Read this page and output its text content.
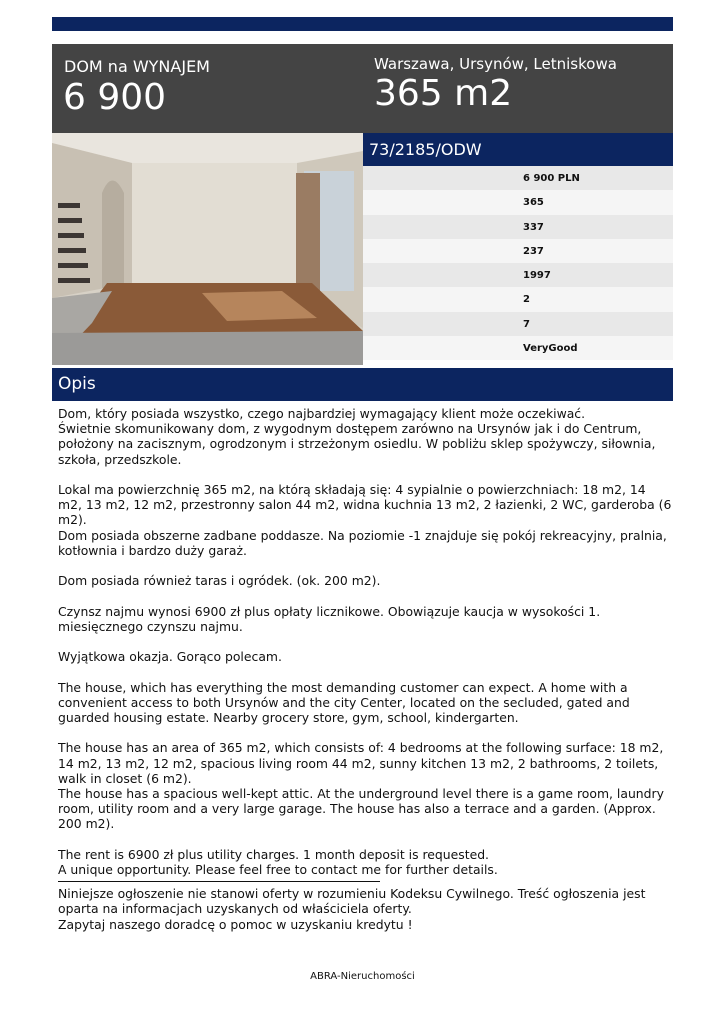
DOM na WYNAJEM
6 900
Warszawa, Ursynów, Letniskowa
365 m2
73/2185/ODW
6 900 PLN
365
337
237
1997
2
7
VeryGood
Opis

Dom, który posiada wszystko, czego najbardziej wymagający klient może oczekiwać.

Świetnie skomunikowany dom, z wygodnym dostępem zarówno na Ursynów jak i do Centrum, położony na zacisznym, ogrodzonym i strzeżonym osiedlu. W pobliżu sklep spożywczy, siłownia, szkoła, przedszkole.

Lokal ma powierzchnię 365 m2, na którą składają się: 4 sypialnie o powierzchniach: 18 m2, 14 m2, 13 m2, 12 m2, przestronny salon 44 m2, widna kuchnia 13 m2, 2 łazienki, 2 WC, garderoba (6 m2).

Dom posiada obszerne zadbane poddasze. Na poziomie -1 znajduje się pokój rekreacyjny, pralnia, kotłownia i bardzo duży garaż.

Dom posiada również taras i ogródek. (ok. 200 m2).

Czynsz najmu wynosi 6900 zł plus opłaty licznikowe. Obowiązuje kaucja w wysokości 1. miesięcznego czynszu najmu.

Wyjątkowa okazja. Gorąco polecam.

The house, which has everything the most demanding customer can expect. A home with a convenient access to both Ursynów and the city Center, located on the secluded, gated and guarded housing estate. Nearby grocery store, gym, school, kindergarten.

The house has an area of 365 m2, which consists of: 4 bedrooms at the following surface: 18 m2, 14 m2, 13 m2, 12 m2, spacious living room 44 m2, sunny kitchen 13 m2, 2 bathrooms, 2 toilets, walk in closet (6 m2).

The house has a spacious well-kept attic. At the underground level there is a game room, laundry room, utility room and a very large garage. The house has also a terrace and a garden. (Approx. 200 m2).

The rent is 6900 zł plus utility charges. 1 month deposit is requested.

A unique opportunity. Please feel free to contact me for further details.

Niniejsze ogłoszenie nie stanowi oferty w rozumieniu Kodeksu Cywilnego. Treść ogłoszenia jest oparta na informacjach uzyskanych od właściciela oferty.

Zapytaj naszego doradcę o pomoc w uzyskaniu kredytu !

ABRA-Nieruchomości
